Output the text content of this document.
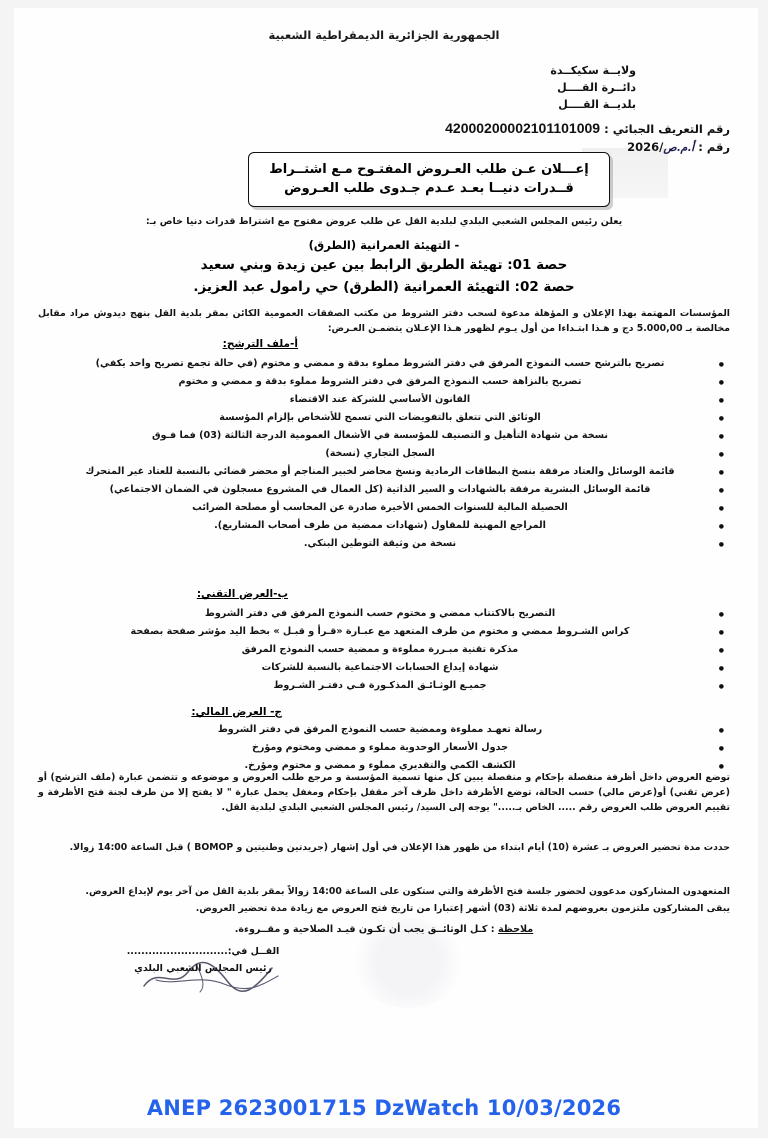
الجمهورية الجزائرية الديمقراطية الشعبية
ولايــة سكيكــدة
دائــرة القــــل
بلديــة القــــل
رقم التعريف الجبائي : 42000200002101101009
رقم : أ.م.ص/2026
إعـــلان عـن طلب العـروض المفتـوح مـع اشتــراط
قــدرات دنيــا بعـد عـدم جـدوى طلب العـروض
يعلن رئيس المجلس الشعبي البلدي لبلدية القل عن طلب عروض مفتوح مع اشتراط قدرات دنيا خاص بـ:
- التهيئة العمرانية (الطرق)
حصة 01: تهيئة الطريق الرابط بين عين زيدة وبني سعيد
حصة 02: التهيئة العمرانية (الطرق) حي رامول عبد العزيز.
المؤسسات المهتمة بهذا الإعلان و المؤهلة مدعوة لسحب دفتر الشروط من مكتب الصفقات العمومية الكائن بمقر بلدية القل بنهج ديدوش مراد مقابل مخالصة بـ 5.000,00 دج و هـذا ابتـداءا من أول يـوم لظهور هـذا الإعـلان يتضمـن العـرض:
أ-ملف الترشح:
● تصريح بالترشح حسب النموذج المرفق في دفتر الشروط مملوء بدقة و ممضي و مختوم (في حالة تجمع تصريح واحد يكفي)
● تصريح بالنزاهة حسب النموذج المرفق في دفتر الشروط مملوء بدقة و ممضي و مختوم
● القانون الأساسي للشركة عند الاقتضاء
● الوثائق التي تتعلق بالتفويضات التي تسمح للأشخاص بإلزام المؤسسة
● نسخة من شهادة التأهيل و التصنيف للمؤسسة في الأشغال العمومية الدرجة الثالثة (03) فما فـوق
● السجل التجاري (نسخة)
● قائمة الوسائل والعتاد مرفقة بنسخ البطاقات الرمادية ونسخ محاضر لخبير المناجم أو محضر قضائي بالنسبة للعتاد غير المتحرك
● قائمة الوسائل البشرية مرفقة بالشهادات و السير الذاتية (كل العمال في المشروع مسجلون في الضمان الاجتماعي)
● الحصيلة المالية للسنوات الخمس الأخيرة صادرة عن المحاسب أو مصلحة الضرائب
● المراجع المهنية للمقاول (شهادات ممضية من طرف أصحاب المشاريع).
● نسخة من وثيقة التوطين البنكي.
ب-العرض التقني:
● التصريح بالاكتتاب ممضي و مختوم حسب النموذج المرفق في دفتر الشروط
● كراس الشـروط ممضي و مختوم من طرف المتعهد مع عبـارة «قـرأ و قبـل » بخط اليد مؤشر صفحة بصفحة
● مذكرة تقنية مبـررة مملوءة و ممضية حسب النموذج المرفق
● شهادة إيداع الحسابات الاجتماعية بالنسبة للشركات
● جميـع الوثـائـق المذكـورة فـي دفتـر الشـروط
ج- العرض المالي:
● رسالة تعهـد مملوءة وممضية حسب النموذج المرفق في دفتر الشروط
● جدول الأسعار الوحدوية مملوء و ممضي ومختوم ومؤرخ
● الكشف الكمي والتقديري مملوء و ممضي و مختوم ومؤرخ.
توضع العروض داخل أظرفة منفصلة بإحكام و منفصلة يبين كل منها تسمية المؤسسة و مرجع طلب العروض و موضوعه و تتضمن عبارة (ملف الترشح) أو (عرض تقني) أو(عرض مالي) حسب الحالة، توضع الأظرفة داخل ظرف آخر مقفل بإحكام ومغفل يحمل عبارة " لا يفتح إلا من طرف لجنة فتح الأظرفة و تقييم العروض طلب العروض رقم ..... الخاص بـ....." يوجه إلى السيد/ رئيس المجلس الشعبي البلدي لبلدية القل.
حددت مدة تحضير العروض بـ عشرة (10) أيام ابتداء من ظهور هذا الإعلان في أول إشهار (جريدتين وطنيتين و BOMOP ) قبل الساعة 14:00 زوالا.
المتعهدون المشاركون مدعوون لحضور جلسة فتح الأظرفة والتي ستكون على الساعة 14:00 زوالاً بمقر بلدية القل من آخر يوم لإيداع العروض.
يبقى المشاركون ملتزمون بعروضهم لمدة ثلاثة (03) أشهر إعتبارا من تاريخ فتح العروض مع زيادة مدة تحضير العروض.
ملاحظة : كـل الوثائــق يجب أن تكـون قيـد الصلاحية و مقــروءة.
القــل في:............................
رئيس المجلس الشعبي البلدي
ANEP 2623001715 DzWatch 10/03/2026
